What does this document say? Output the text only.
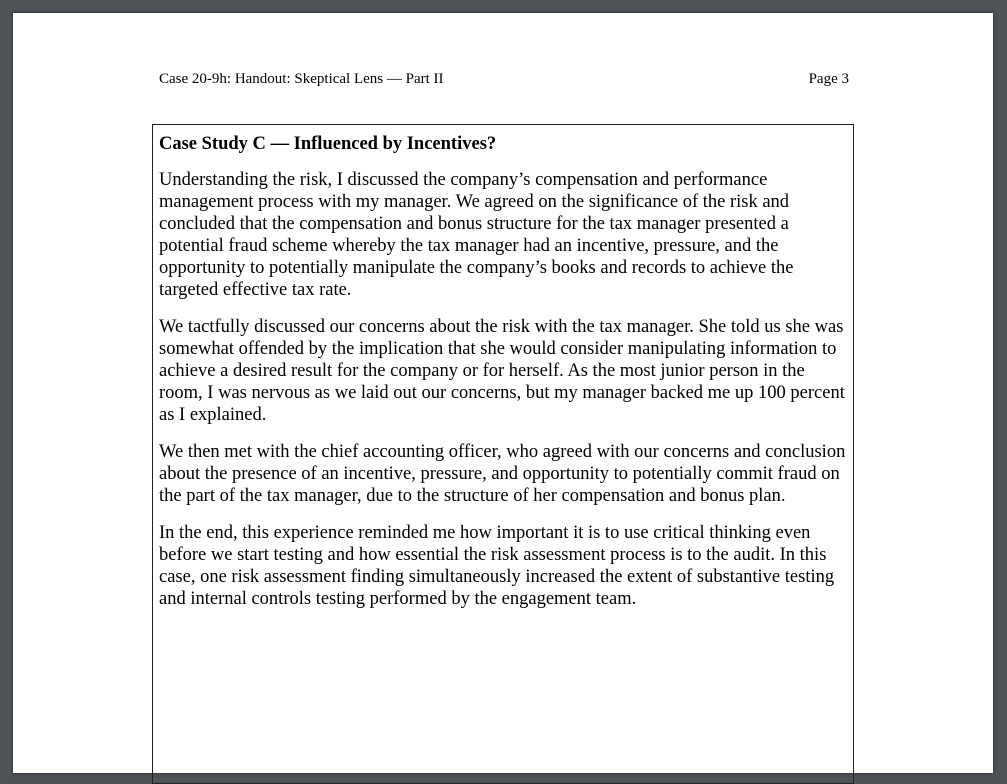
Case 20-9h: Handout: Skeptical Lens — Part II	Page 3
Case Study C — Influenced by Incentives?

Understanding the risk, I discussed the company’s compensation and performance management process with my manager. We agreed on the significance of the risk and concluded that the compensation and bonus structure for the tax manager presented a potential fraud scheme whereby the tax manager had an incentive, pressure, and the opportunity to potentially manipulate the company’s books and records to achieve the targeted effective tax rate.

We tactfully discussed our concerns about the risk with the tax manager. She told us she was somewhat offended by the implication that she would consider manipulating information to achieve a desired result for the company or for herself. As the most junior person in the room, I was nervous as we laid out our concerns, but my manager backed me up 100 percent as I explained.

We then met with the chief accounting officer, who agreed with our concerns and conclusion about the presence of an incentive, pressure, and opportunity to potentially commit fraud on the part of the tax manager, due to the structure of her compensation and bonus plan.

In the end, this experience reminded me how important it is to use critical thinking even before we start testing and how essential the risk assessment process is to the audit. In this case, one risk assessment finding simultaneously increased the extent of substantive testing and internal controls testing performed by the engagement team.
